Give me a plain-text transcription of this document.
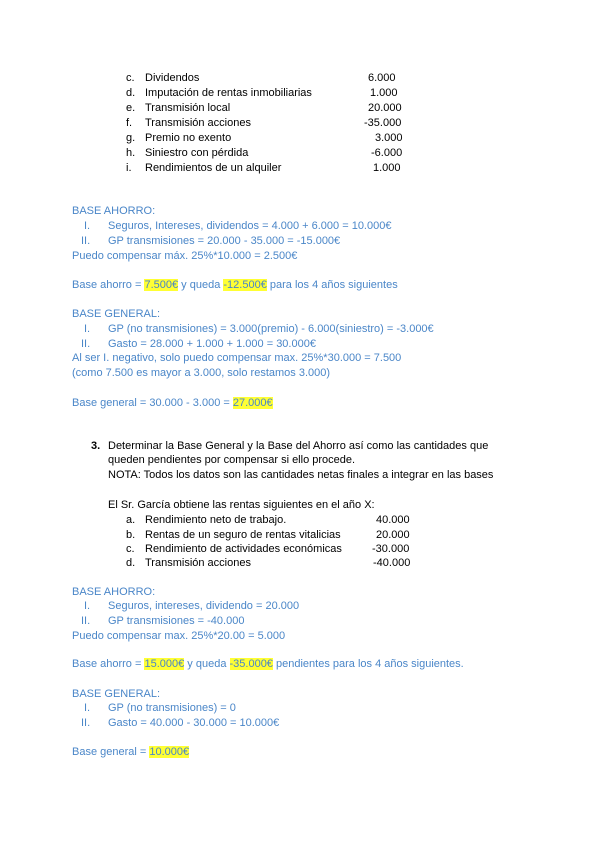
c. Dividendos	6.000
d. Imputación de rentas inmobiliarias	1.000
e. Transmisión local	20.000
f. Transmisión acciones	-35.000
g. Premio no exento	3.000
h. Siniestro con pérdida	-6.000
i. Rendimientos de un alquiler	1.000
BASE AHORRO:
I. Seguros, Intereses, dividendos = 4.000 + 6.000 = 10.000€
II. GP transmisiones = 20.000 - 35.000 = -15.000€
Puedo compensar máx. 25%*10.000 = 2.500€
Base ahorro = 7.500€ y queda -12.500€ para los 4 años siguientes
BASE GENERAL:
I. GP (no transmisiones) = 3.000(premio) - 6.000(siniestro) = -3.000€
II. Gasto = 28.000 + 1.000 + 1.000 = 30.000€
Al ser I. negativo, solo puedo compensar max. 25%*30.000 = 7.500
(como 7.500 es mayor a 3.000, solo restamos 3.000)
Base general = 30.000 - 3.000 = 27.000€
3. Determinar la Base General y la Base del Ahorro así como las cantidades que
queden pendientes por compensar si ello procede.
NOTA: Todos los datos son las cantidades netas finales a integrar en las bases
El Sr. García obtiene las rentas siguientes en el año X:
a. Rendimiento neto de trabajo.	40.000
b. Rentas de un seguro de rentas vitalicias	20.000
c. Rendimiento de actividades económicas	-30.000
d. Transmisión acciones	-40.000
BASE AHORRO:
I. Seguros, intereses, dividendo = 20.000
II. GP transmisiones = -40.000
Puedo compensar max. 25%*20.00 = 5.000
Base ahorro = 15.000€ y queda -35.000€ pendientes para los 4 años siguientes.
BASE GENERAL:
I. GP (no transmisiones) = 0
II. Gasto = 40.000 - 30.000 = 10.000€
Base general = 10.000€
